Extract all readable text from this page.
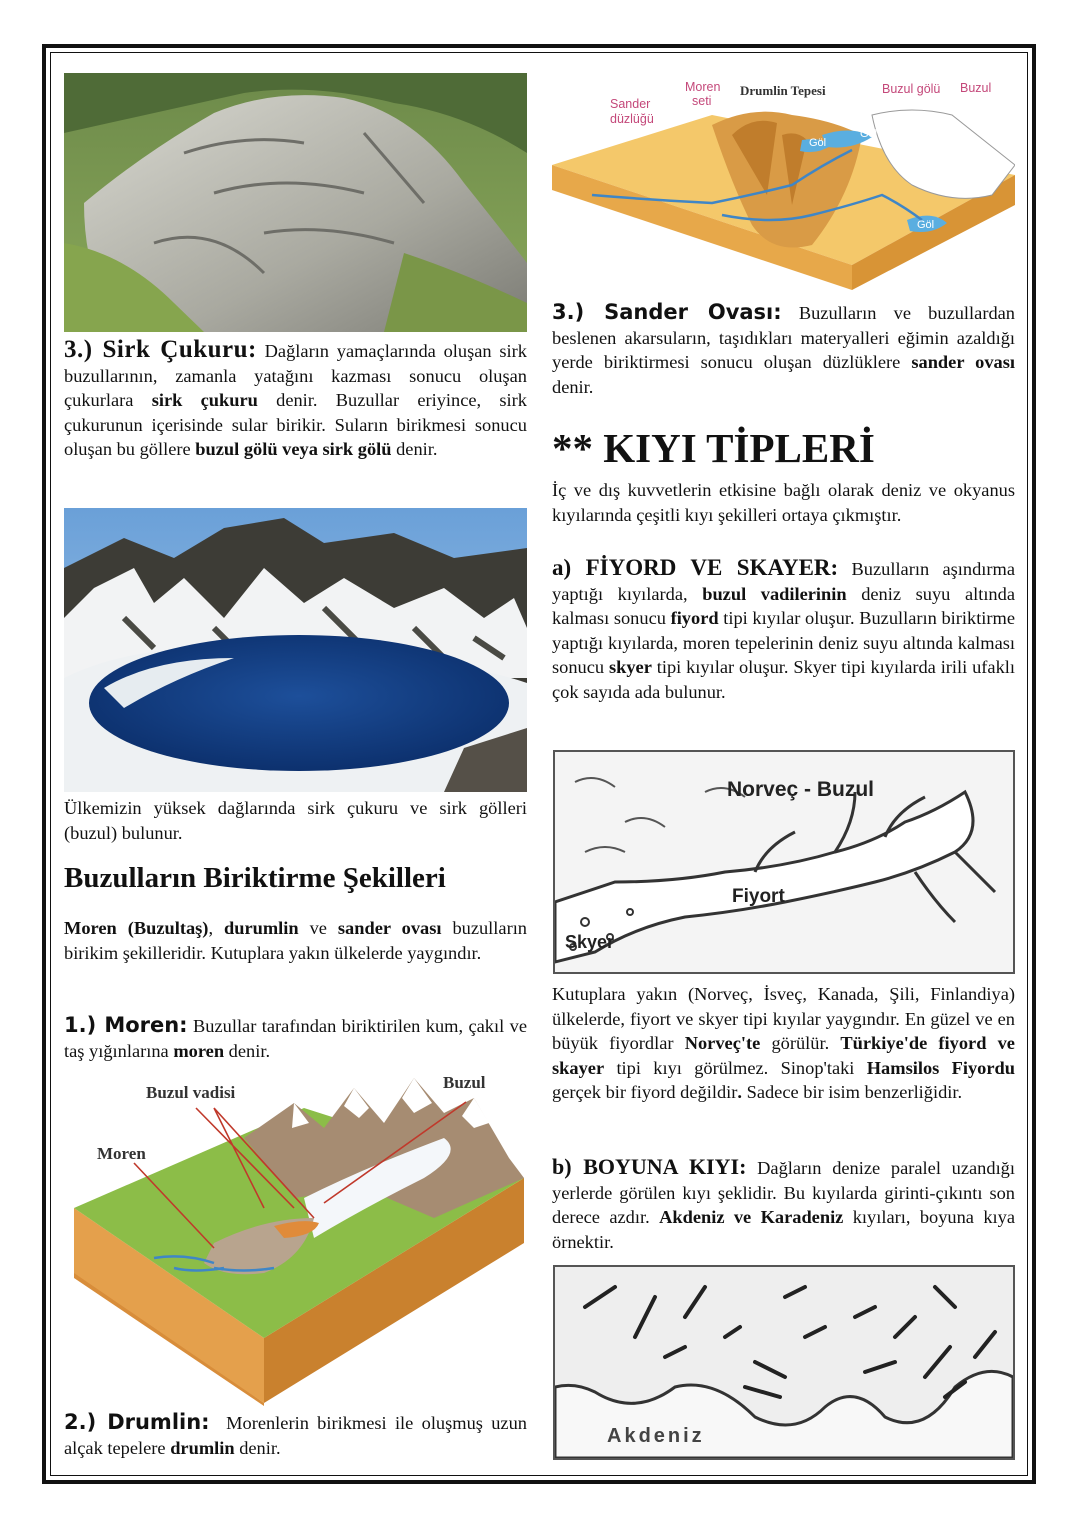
3.) Sirk Çukuru: Dağların yamaçlarında oluşan sirk buzullarının, zamanla yatağını kazması sonucu oluşan çukurlara sirk çukuru denir. Buzullar eriyince, sirk çukurunun içerisinde sular birikir. Suların birikmesi sonucu oluşan bu göllere buzul gölü veya sirk gölü denir.

Ülkemizin yüksek dağlarında sirk çukuru ve sirk gölleri (buzul) bulunur.

Buzulların Biriktirme Şekilleri

Moren (Buzultaş), durumlin ve sander ovası buzulların birikim şekilleridir. Kutuplara yakın ülkelerde yaygındır.

1.) Moren: Buzullar tarafından biriktirilen kum, çakıl ve taş yığınlarına moren denir.

Buzul vadisi
Buzul
Moren

2.) Drumlin: Morenlerin birikmesi ile oluşmuş uzun alçak tepelere drumlin denir.

Sander düzlüğü
Moren seti
Drumlin Tepesi	Buzul gölü Buzul
Göl
Göl
Göl

3.) Sander Ovası: Buzulların ve buzullardan beslenen akarsuların, taşıdıkları materyalleri eğimin azaldığı yerde biriktirmesi sonucu oluşan düzlüklere sander ovası denir.

** KIYI TİPLERİ

İç ve dış kuvvetlerin etkisine bağlı olarak deniz ve okyanus kıyılarında çeşitli kıyı şekilleri ortaya çıkmıştır.

a) FİYORD VE SKAYER: Buzulların aşındırma yaptığı kıyılarda, buzul vadilerinin deniz suyu altında kalması sonucu fiyord tipi kıyılar oluşur. Buzulların biriktirme yaptığı kıyılarda, moren tepelerinin deniz suyu altında kalması sonucu skyer tipi kıyılar oluşur. Skyer tipi kıyılarda irili ufaklı çok sayıda ada bulunur.

Norveç - Buzul
Fiyort
Skyer

Kutuplara yakın (Norveç, İsveç, Kanada, Şili, Finlandiya) ülkelerde, fiyort ve skyer tipi kıyılar yaygındır. En güzel ve en büyük fiyordlar Norveç'te görülür. Türkiye'de fiyord ve skayer tipi kıyı görülmez. Sinop'taki Hamsilos Fiyordu gerçek bir fiyord değildir. Sadece bir isim benzerliğidir.

b) BOYUNA KIYI: Dağların denize paralel uzandığı yerlerde görülen kıyı şeklidir. Bu kıyılarda girinti-çıkıntı son derece azdır. Akdeniz ve Karadeniz kıyıları, boyuna kıya örnektir.

Akdeniz
